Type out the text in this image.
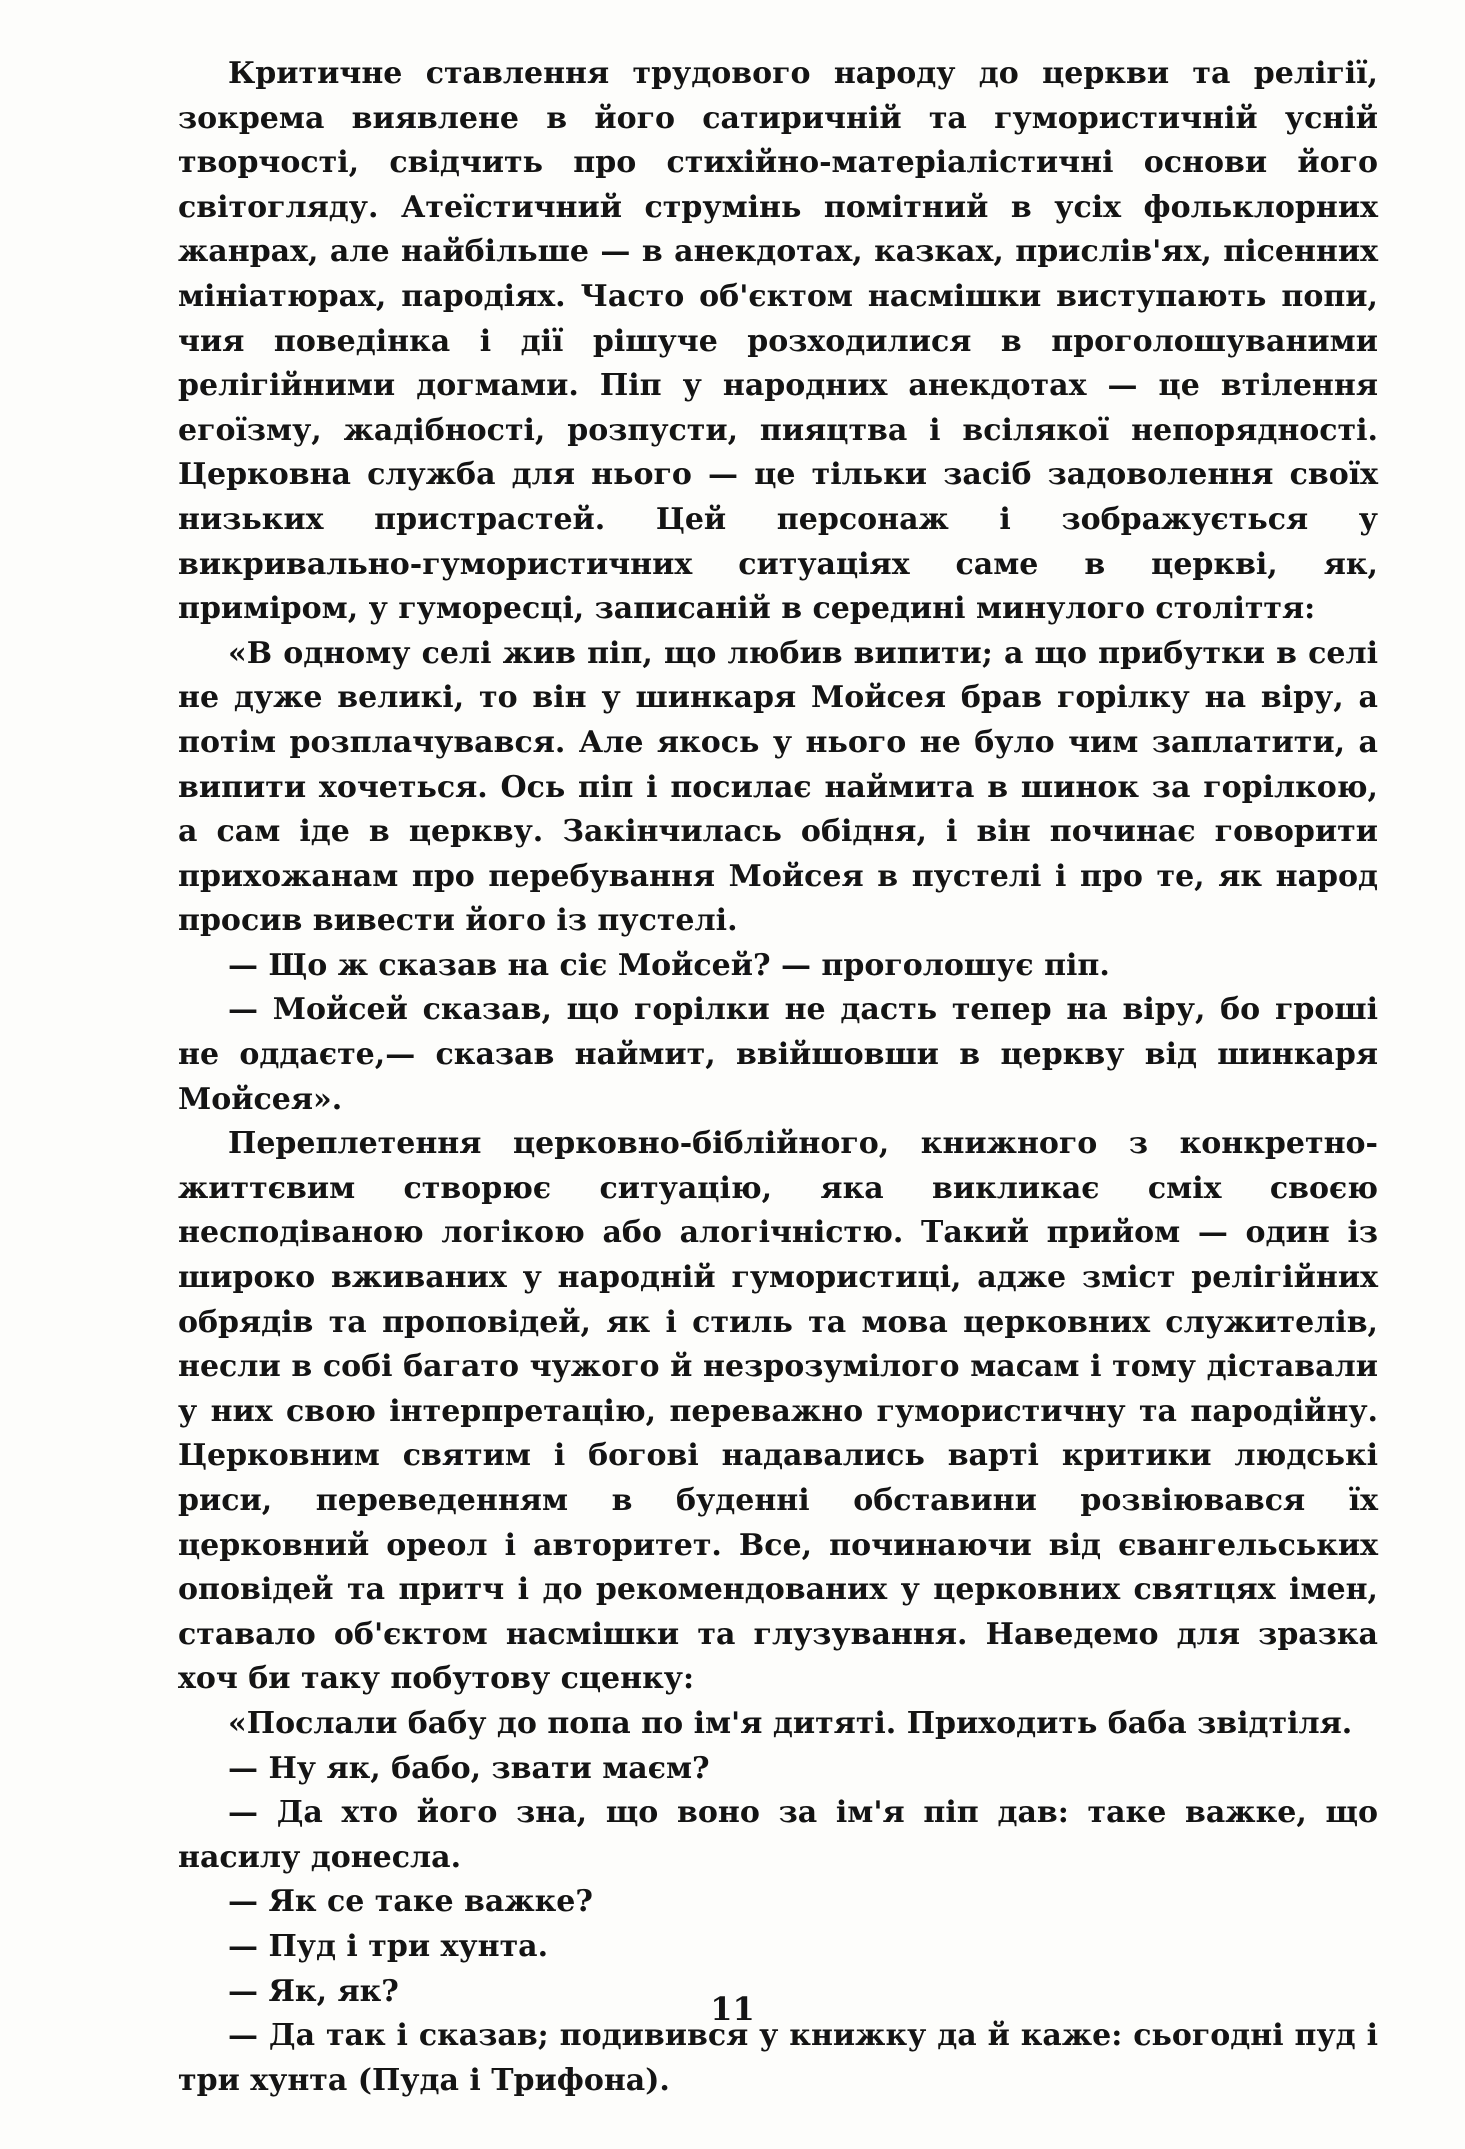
Критичне ставлення трудового народу до церкви та релігії, зокрема виявлене в його сатиричній та гумористичній усній творчості, свідчить про стихійно-матеріалістичні основи його світогляду. Атеїстичний струмінь помітний в усіх фольклорних жанрах, але найбільше — в анекдотах, казках, прислів'ях, пісенних мініатюрах, пародіях. Часто об'єктом насмішки виступають попи, чия поведінка і дії рішуче розходилися в проголошуваними релігійними догмами. Піп у народних анекдотах — це втілення егоїзму, жадібності, розпусти, пияцтва і всілякої непорядності. Церковна служба для нього — це тільки засіб задоволення своїх низьких пристрастей. Цей персонаж і зображується у викривально-гумористичних ситуаціях саме в церкві, як, приміром, у гуморесці, записаній в середині минулого століття:

«В одному селі жив піп, що любив випити; а що прибутки в селі не дуже великі, то він у шинкаря Мойсея брав горілку на віру, а потім розплачувався. Але якось у нього не було чим заплатити, а випити хочеться. Ось піп і посилає наймита в шинок за горілкою, а сам іде в церкву. Закінчилась обідня, і він починає говорити прихожанам про перебування Мойсея в пустелі і про те, як народ просив вивести його із пустелі.

— Що ж сказав на сіє Мойсей? — проголошує піп.

— Мойсей сказав, що горілки не дасть тепер на віру, бо гроші не оддаєте,— сказав наймит, ввійшовши в церкву від шинкаря Мойсея».

Переплетення церковно-біблійного, книжного з конкретно-життєвим створює ситуацію, яка викликає сміх своєю несподіваною логікою або алогічністю. Такий прийом — один із широко вживаних у народній гумористиці, адже зміст релігійних обрядів та проповідей, як і стиль та мова церковних служителів, несли в собі багато чужого й незрозумілого масам і тому діставали у них свою інтерпретацію, переважно гумористичну та пародійну. Церковним святим і богові надавались варті критики людські риси, переведенням в буденні обставини розвіювався їх церковний ореол і авторитет. Все, починаючи від євангельських оповідей та притч і до рекомендованих у церковних святцях імен, ставало об'єктом насмішки та глузування. Наведемо для зразка хоч би таку побутову сценку:

«Послали бабу до попа по ім'я дитяті. Приходить баба звідтіля.

— Ну як, бабо, звати маєм?

— Да хто його зна, що воно за ім'я піп дав: таке важке, що насилу донесла.

— Як се таке важке?

— Пуд і три хунта.

— Як, як?

— Да так і сказав; подивився у книжку да й каже: сьогодні пуд і три хунта (Пуда і Трифона).

11
